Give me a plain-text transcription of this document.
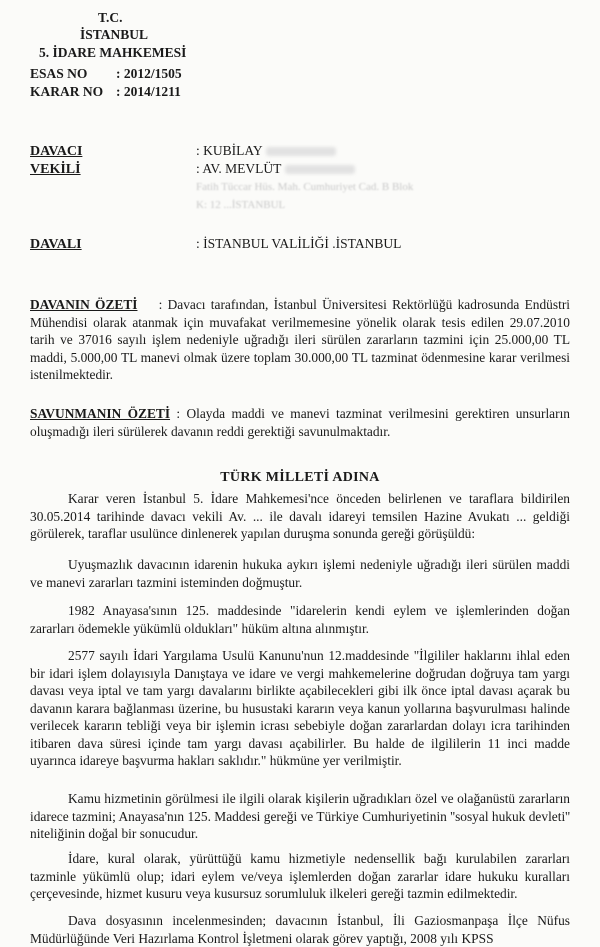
T.C.
İSTANBUL
5. İDARE MAHKEMESİ
ESAS NO : 2012/1505
KARAR NO : 2014/1211
DAVACI	: KUBİLAY
VEKİLİ	: AV. MEVLÜT
Fatih Tüccar Hüs. Mah. Cumhuriyet Cad. B Blok
K: 12 ...İSTANBUL
DAVALI	: İSTANBUL VALİLİĞİ .İSTANBUL
DAVANIN ÖZETİ : Davacı tarafından, İstanbul Üniversitesi Rektörlüğü kadrosunda Endüstri Mühendisi olarak atanmak için muvafakat verilmemesine yönelik olarak tesis edilen 29.07.2010 tarih ve 37016 sayılı işlem nedeniyle uğradığı ileri sürülen zararların tazmini için 25.000,00 TL maddi, 5.000,00 TL manevi olmak üzere toplam 30.000,00 TL tazminat ödenmesine karar verilmesi istenilmektedir.
SAVUNMANIN ÖZETİ : Olayda maddi ve manevi tazminat verilmesini gerektiren unsurların oluşmadığı ileri sürülerek davanın reddi gerektiği savunulmaktadır.
TÜRK MİLLETİ ADINA
Karar veren İstanbul 5. İdare Mahkemesi'nce önceden belirlenen ve taraflara bildirilen 30.05.2014 tarihinde davacı vekili Av. ... ile davalı idareyi temsilen Hazine Avukatı ... geldiği görülerek, taraflar usulünce dinlenerek yapılan duruşma sonunda gereği görüşüldü:
Uyuşmazlık davacının idarenin hukuka aykırı işlemi nedeniyle uğradığı ileri sürülen maddi ve manevi zararları tazmini isteminden doğmuştur.
1982 Anayasa'sının 125. maddesinde "idarelerin kendi eylem ve işlemlerinden doğan zararları ödemekle yükümlü oldukları" hüküm altına alınmıştır.
2577 sayılı İdari Yargılama Usulü Kanunu'nun 12.maddesinde "İlgililer haklarını ihlal eden bir idari işlem dolayısıyla Danıştaya ve idare ve vergi mahkemelerine doğrudan doğruya tam yargı davası veya iptal ve tam yargı davalarını birlikte açabilecekleri gibi ilk önce iptal davası açarak bu davanın karara bağlanması üzerine, bu husustaki kararın veya kanun yollarına başvurulması halinde verilecek kararın tebliği veya bir işlemin icrası sebebiyle doğan zararlardan dolayı icra tarihinden itibaren dava süresi içinde tam yargı davası açabilirler. Bu halde de ilgililerin 11 inci madde uyarınca idareye başvurma hakları saklıdır." hükmüne yer verilmiştir.
Kamu hizmetinin görülmesi ile ilgili olarak kişilerin uğradıkları özel ve olağanüstü zararların idarece tazmini; Anayasa'nın 125. Maddesi gereği ve Türkiye Cumhuriyetinin ''sosyal hukuk devleti'' niteliğinin doğal bir sonucudur.
İdare, kural olarak, yürüttüğü kamu hizmetiyle nedensellik bağı kurulabilen zararları tazminle yükümlü olup; idari eylem ve/veya işlemlerden doğan zararlar idare hukuku kuralları çerçevesinde, hizmet kusuru veya kusursuz sorumluluk ilkeleri gereği tazmin edilmektedir.
Dava dosyasının incelenmesinden; davacının İstanbul, İli Gaziosmanpaşa İlçe Nüfus Müdürlüğünde Veri Hazırlama Kontrol İşletmeni olarak görev yaptığı, 2008 yılı KPSS
